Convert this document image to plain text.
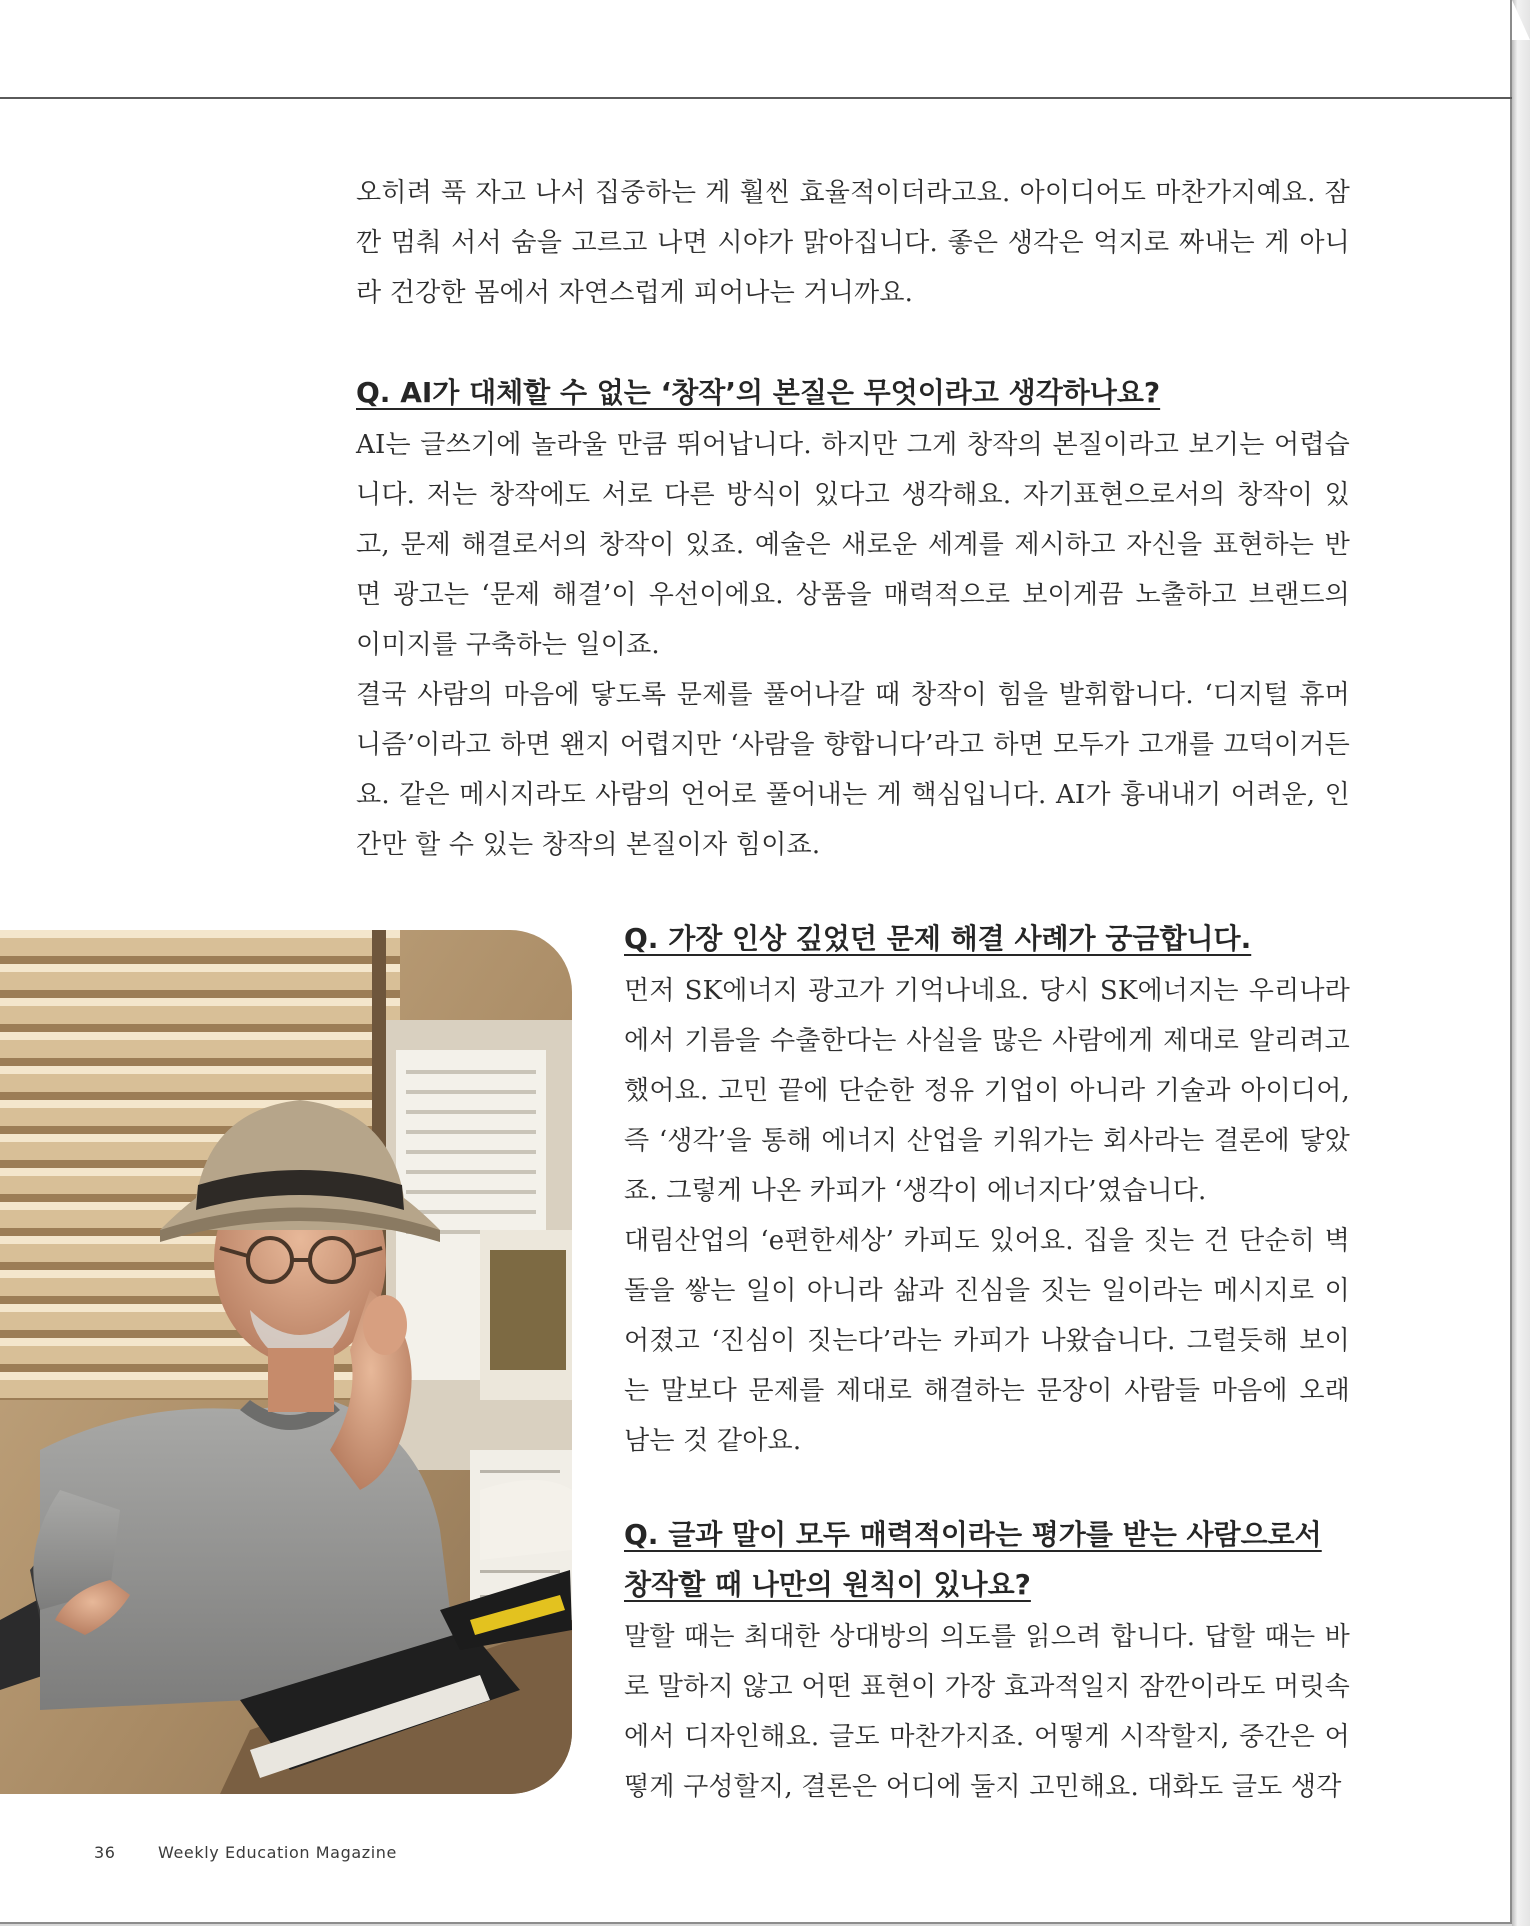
오히려 푹 자고 나서 집중하는 게 훨씬 효율적이더라고요. 아이디어도 마찬가지예요. 잠깐 멈춰 서서 숨을 고르고 나면 시야가 맑아집니다. 좋은 생각은 억지로 짜내는 게 아니라 건강한 몸에서 자연스럽게 피어나는 거니까요.

Q. AI가 대체할 수 없는 ‘창작’의 본질은 무엇이라고 생각하나요?

AI는 글쓰기에 놀라울 만큼 뛰어납니다. 하지만 그게 창작의 본질이라고 보기는 어렵습니다. 저는 창작에도 서로 다른 방식이 있다고 생각해요. 자기표현으로서의 창작이 있고, 문제 해결로서의 창작이 있죠. 예술은 새로운 세계를 제시하고 자신을 표현하는 반면 광고는 ‘문제 해결’이 우선이에요. 상품을 매력적으로 보이게끔 노출하고 브랜드의 이미지를 구축하는 일이죠.

결국 사람의 마음에 닿도록 문제를 풀어나갈 때 창작이 힘을 발휘합니다. ‘디지털 휴머니즘’이라고 하면 왠지 어렵지만 ‘사람을 향합니다’라고 하면 모두가 고개를 끄덕이거든요. 같은 메시지라도 사람의 언어로 풀어내는 게 핵심입니다. AI가 흉내내기 어려운, 인간만 할 수 있는 창작의 본질이자 힘이죠.

Q. 가장 인상 깊었던 문제 해결 사례가 궁금합니다.

먼저 SK에너지 광고가 기억나네요. 당시 SK에너지는 우리나라에서 기름을 수출한다는 사실을 많은 사람에게 제대로 알리려고 했어요. 고민 끝에 단순한 정유 기업이 아니라 기술과 아이디어, 즉 ‘생각’을 통해 에너지 산업을 키워가는 회사라는 결론에 닿았죠. 그렇게 나온 카피가 ‘생각이 에너지다’였습니다.

대림산업의 ‘e편한세상’ 카피도 있어요. 집을 짓는 건 단순히 벽돌을 쌓는 일이 아니라 삶과 진심을 짓는 일이라는 메시지로 이어졌고 ‘진심이 짓는다’라는 카피가 나왔습니다. 그럴듯해 보이는 말보다 문제를 제대로 해결하는 문장이 사람들 마음에 오래 남는 것 같아요.

Q. 글과 말이 모두 매력적이라는 평가를 받는 사람으로서 창작할 때 나만의 원칙이 있나요?

말할 때는 최대한 상대방의 의도를 읽으려 합니다. 답할 때는 바로 말하지 않고 어떤 표현이 가장 효과적일지 잠깐이라도 머릿속에서 디자인해요. 글도 마찬가지죠. 어떻게 시작할지, 중간은 어떻게 구성할지, 결론은 어디에 둘지 고민해요. 대화도 글도 생각

36	Weekly Education Magazine
